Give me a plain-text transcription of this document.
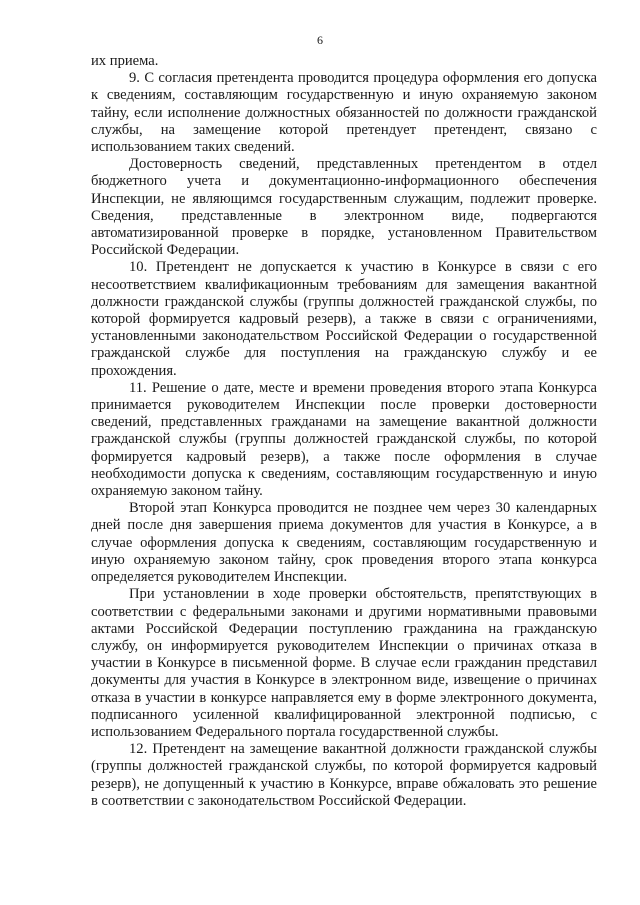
6

их приема.

9. С согласия претендента проводится процедура оформления его допуска к сведениям, составляющим государственную и иную охраняемую законом тайну, если исполнение должностных обязанностей по должности гражданской службы, на замещение которой претендует претендент, связано с использованием таких сведений.

Достоверность сведений, представленных претендентом в отдел бюджетного учета и документационно-информационного обеспечения Инспекции, не являющимся государственным служащим, подлежит проверке. Сведения, представленные в электронном виде, подвергаются автоматизированной проверке в порядке, установленном Правительством Российской Федерации.

10. Претендент не допускается к участию в Конкурсе в связи с его несоответствием квалификационным требованиям для замещения вакантной должности гражданской службы (группы должностей гражданской службы, по которой формируется кадровый резерв), а также в связи с ограничениями, установленными законодательством Российской Федерации о государственной гражданской службе для поступления на гражданскую службу и ее прохождения.

11. Решение о дате, месте и времени проведения второго этапа Конкурса принимается руководителем Инспекции после проверки достоверности сведений, представленных гражданами на замещение вакантной должности гражданской службы (группы должностей гражданской службы, по которой формируется кадровый резерв), а также после оформления в случае необходимости допуска к сведениям, составляющим государственную и иную охраняемую законом тайну.

Второй этап Конкурса проводится не позднее чем через 30 календарных дней после дня завершения приема документов для участия в Конкурсе, а в случае оформления допуска к сведениям, составляющим государственную и иную охраняемую законом тайну, срок проведения второго этапа конкурса определяется руководителем Инспекции.

При установлении в ходе проверки обстоятельств, препятствующих в соответствии с федеральными законами и другими нормативными правовыми актами Российской Федерации поступлению гражданина на гражданскую службу, он информируется руководителем Инспекции о причинах отказа в участии в Конкурсе в письменной форме. В случае если гражданин представил документы для участия в Конкурсе в электронном виде, извещение о причинах отказа в участии в конкурсе направляется ему в форме электронного документа, подписанного усиленной квалифицированной электронной подписью, с использованием Федерального портала государственной службы.

12. Претендент на замещение вакантной должности гражданской службы (группы должностей гражданской службы, по которой формируется кадровый резерв), не допущенный к участию в Конкурсе, вправе обжаловать это решение в соответствии с законодательством Российской Федерации.
